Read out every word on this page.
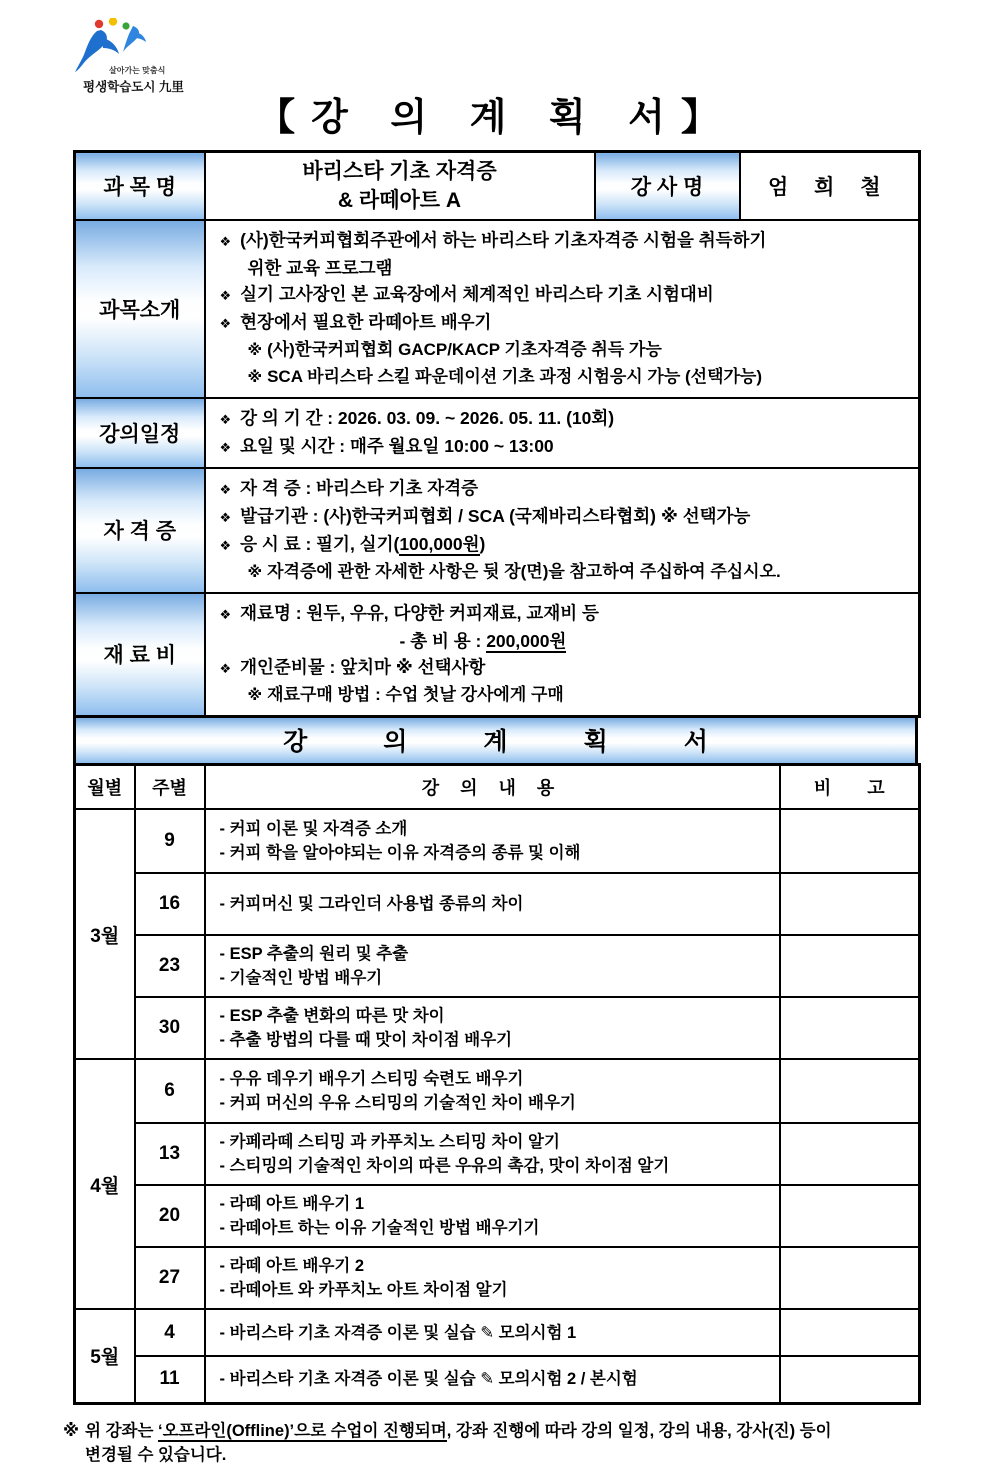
살아가는 맞춤식
평생학습도시 九里
【강 의 계 획 서】
과 목 명	바리스타 기초 자격증
& 라떼아트 A	강 사 명	엄 희 철
과목소개	
❖ (사)한국커피협회주관에서 하는 바리스타 기초자격증 시험을 취득하기
위한 교육 프로그램
❖ 실기 고사장인 본 교육장에서 체계적인 바리스타 기초 시험대비
❖ 현장에서 필요한 라떼아트 배우기
※ (사)한국커피협회 GACP/KACP 기초자격증 취득 가능
※ SCA 바리스타 스킬 파운데이션 기초 과정 시험응시 가능 (선택가능)

강의일정	❖ 강 의 기 간 : 2026. 03. 09. ~ 2026. 05. 11. (10회)
❖ 요일 및 시간 : 매주 월요일 10:00 ~ 13:00		

자 격 증	❖ 자 격 증 : 바리스타 기초 자격증
❖ 발급기관 : (사)한국커피협회 / SCA (국제바리스타협회) ※ 선택가능
❖ 응 시 료 : 필기, 실기(100,000원)
※ 자격증에 관한 자세한 사항은 뒷 장(면)을 참고하여 주십하여 주십시오.		

재 료 비	❖ 재료명 : 원두, 우유, 다양한 커피재료, 교재비 등
- 총 비 용 : 200,000원
❖ 개인준비물 : 앞치마 ※ 선택사항
※ 재료구매 방법 : 수업 첫날 강사에게 구매		
강	의	계	획	서
월별	주별	강 의 내 용	비 고
3월	9	- 커피 이론 및 자격증 소개
- 커피 학을 알아야되는 이유 자격증의 종류 및 이해	

	16	- 커피머신 및 그라인더 사용법 종류의 차이	

	23	- ESP 추출의 원리 및 추출
- 기술적인 방법 배우기	

	30	- ESP 추출 변화의 따른 맛 차이
- 추출 방법의 다를 때 맛이 차이점 배우기	

4월	6	- 우유 데우기 배우기 스티밍 숙련도 배우기
- 커피 머신의 우유 스티밍의 기술적인 차이 배우기	

	13	- 카페라떼 스티밍 과 카푸치노 스티밍 차이 알기
- 스티밍의 기술적인 차이의 따른 우유의 촉감, 맛이 차이점 알기	

	20	- 라떼 아트 배우기 1
- 라떼아트 하는 이유 기술적인 방법 배우기기	

	27	- 라떼 아트 배우기 2
- 라떼아트 와 카푸치노 아트 차이점 알기	

5월	4	- 바리스타 기초 자격증 이론 및 실습 ✎ 모의시험 1	

	11	- 바리스타 기초 자격증 이론 및 실습 ✎ 모의시험 2 / 본시험	

※ 위 강좌는 ‘오프라인(Offline)’으로 수업이 진행되며, 강좌 진행에 따라 강의 일정, 강의 내용, 강사(진) 등이
변경될 수 있습니다.
